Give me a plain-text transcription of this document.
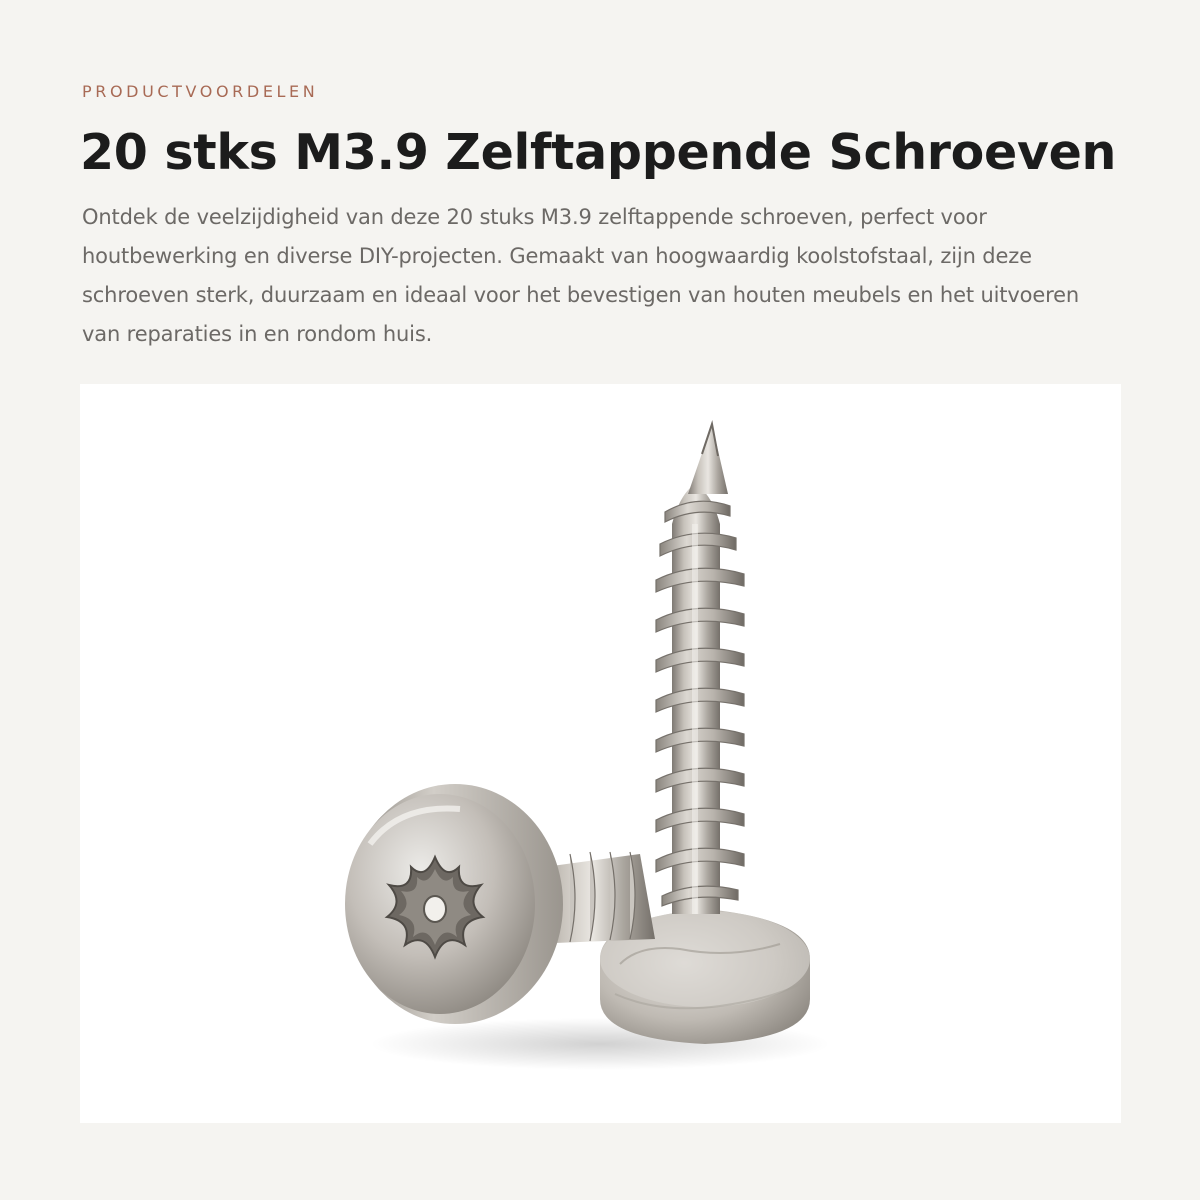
PRODUCTVOORDELEN
20 stks M3.9 Zelftappende Schroeven

Ontdek de veelzijdigheid van deze 20 stuks M3.9 zelftappende schroeven, perfect voor houtbewerking en diverse DIY-projecten. Gemaakt van hoogwaardig koolstofstaal, zijn deze schroeven sterk, duurzaam en ideaal voor het bevestigen van houten meubels en het uitvoeren van reparaties in en rondom huis.
